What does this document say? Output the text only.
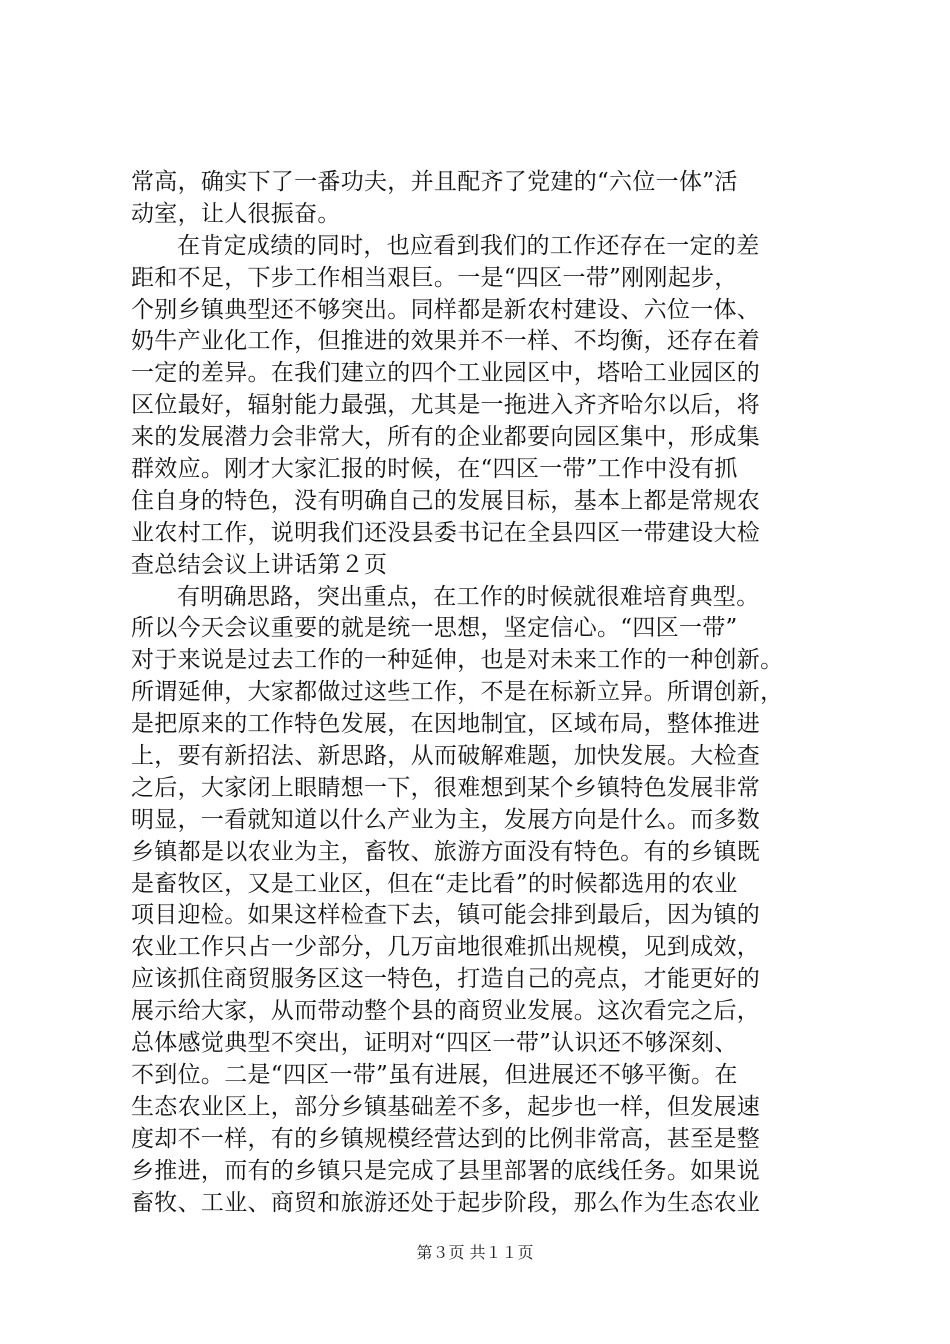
常高，确实下了一番功夫，并且配齐了党建的“六位一体”活
动室，让人很振奋。
在肯定成绩的同时，也应看到我们的工作还存在一定的差
距和不足，下步工作相当艰巨。一是“四区一带”刚刚起步，
个别乡镇典型还不够突出。同样都是新农村建设、六位一体、
奶牛产业化工作，但推进的效果并不一样、不均衡，还存在着
一定的差异。在我们建立的四个工业园区中，塔哈工业园区的
区位最好，辐射能力最强，尤其是一拖进入齐齐哈尔以后，将
来的发展潜力会非常大，所有的企业都要向园区集中，形成集
群效应。刚才大家汇报的时候，在“四区一带”工作中没有抓
住自身的特色，没有明确自己的发展目标，基本上都是常规农
业农村工作，说明我们还没县委书记在全县四区一带建设大检
查总结会议上讲话第２页
有明确思路，突出重点，在工作的时候就很难培育典型。
所以今天会议重要的就是统一思想，坚定信心。“四区一带”
对于来说是过去工作的一种延伸，也是对未来工作的一种创新。
所谓延伸，大家都做过这些工作，不是在标新立异。所谓创新，
是把原来的工作特色发展，在因地制宜，区域布局，整体推进
上，要有新招法、新思路，从而破解难题，加快发展。大检查
之后，大家闭上眼睛想一下，很难想到某个乡镇特色发展非常
明显，一看就知道以什么产业为主，发展方向是什么。而多数
乡镇都是以农业为主，畜牧、旅游方面没有特色。有的乡镇既
是畜牧区，又是工业区，但在“走比看”的时候都选用的农业
项目迎检。如果这样检查下去，镇可能会排到最后，因为镇的
农业工作只占一少部分，几万亩地很难抓出规模，见到成效，
应该抓住商贸服务区这一特色，打造自己的亮点，才能更好的
展示给大家，从而带动整个县的商贸业发展。这次看完之后，
总体感觉典型不突出，证明对“四区一带”认识还不够深刻、
不到位。二是“四区一带”虽有进展，但进展还不够平衡。在
生态农业区上，部分乡镇基础差不多，起步也一样，但发展速
度却不一样，有的乡镇规模经营达到的比例非常高，甚至是整
乡推进，而有的乡镇只是完成了县里部署的底线任务。如果说
畜牧、工业、商贸和旅游还处于起步阶段，那么作为生态农业
第３页 共１１页
